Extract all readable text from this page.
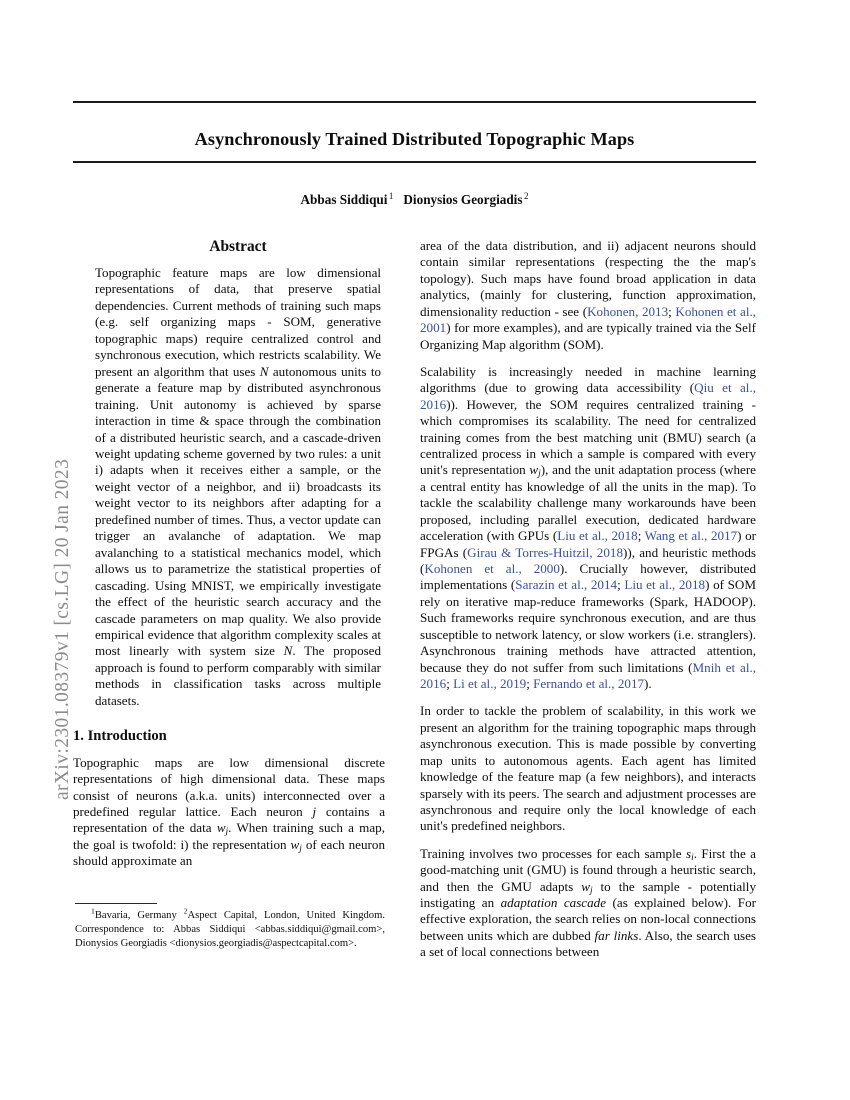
arXiv:2301.08379v1 [cs.LG] 20 Jan 2023
Asynchronously Trained Distributed Topographic Maps
Abbas Siddiqui $^1$ Dionysios Georgiadis $^2$
Abstract

Topographic feature maps are low dimensional representations of data, that preserve spatial dependencies. Current methods of training such maps (e.g. self organizing maps - SOM, generative topographic maps) require centralized control and synchronous execution, which restricts scalability. We present an algorithm that uses N autonomous units to generate a feature map by distributed asynchronous training. Unit autonomy is achieved by sparse interaction in time & space through the combination of a distributed heuristic search, and a cascade-driven weight updating scheme governed by two rules: a unit i) adapts when it receives either a sample, or the weight vector of a neighbor, and ii) broadcasts its weight vector to its neighbors after adapting for a predefined number of times. Thus, a vector update can trigger an avalanche of adaptation. We map avalanching to a statistical mechanics model, which allows us to parametrize the statistical properties of cascading. Using MNIST, we empirically investigate the effect of the heuristic search accuracy and the cascade parameters on map quality. We also provide empirical evidence that algorithm complexity scales at most linearly with system size N. The proposed approach is found to perform comparably with similar methods in classification tasks across multiple datasets.

1. Introduction

Topographic maps are low dimensional discrete representations of high dimensional data. These maps consist of neurons (a.k.a. units) interconnected over a predefined regular lattice. Each neuron j contains a representation of the data $w_j$. When training such a map, the goal is twofold: i) the representation $w_j$ of each neuron should approximate an

area of the data distribution, and ii) adjacent neurons should contain similar representations (respecting the the map's topology). Such maps have found broad application in data analytics, (mainly for clustering, function approximation, dimensionality reduction - see (Kohonen, 2013; Kohonen et al., 2001) for more examples), and are typically trained via the Self Organizing Map algorithm (SOM).

Scalability is increasingly needed in machine learning algorithms (due to growing data accessibility (Qiu et al., 2016)). However, the SOM requires centralized training - which compromises its scalability. The need for centralized training comes from the best matching unit (BMU) search (a centralized process in which a sample is compared with every unit's representation $w_j$), and the unit adaptation process (where a central entity has knowledge of all the units in the map). To tackle the scalability challenge many workarounds have been proposed, including parallel execution, dedicated hardware acceleration (with GPUs (Liu et al., 2018; Wang et al., 2017) or FPGAs (Girau & Torres-Huitzil, 2018)), and heuristic methods (Kohonen et al., 2000). Crucially however, distributed implementations (Sarazin et al., 2014; Liu et al., 2018) of SOM rely on iterative map-reduce frameworks (Spark, HADOOP). Such frameworks require synchronous execution, and are thus susceptible to network latency, or slow workers (i.e. stranglers). Asynchronous training methods have attracted attention, because they do not suffer from such limitations (Mnih et al., 2016; Li et al., 2019; Fernando et al., 2017).

In order to tackle the problem of scalability, in this work we present an algorithm for the training topographic maps through asynchronous execution. This is made possible by converting map units to autonomous agents. Each agent has limited knowledge of the feature map (a few neighbors), and interacts sparsely with its peers. The search and adjustment processes are asynchronous and require only the local knowledge of each unit's predefined neighbors.

Training involves two processes for each sample $s_i$. First the a good-matching unit (GMU) is found through a heuristic search, and then the GMU adapts $w_j$ to the sample - potentially instigating an adaptation cascade (as explained below). For effective exploration, the search relies on non-local connections between units which are dubbed far links. Also, the search uses a set of local connections between

$^1$Bavaria, Germany $^2$Aspect Capital, London, United Kingdom. Correspondence to: Abbas Siddiqui <abbas.siddiqui@gmail.com>, Dionysios Georgiadis <dionysios.georgiadis@aspectcapital.com>.
